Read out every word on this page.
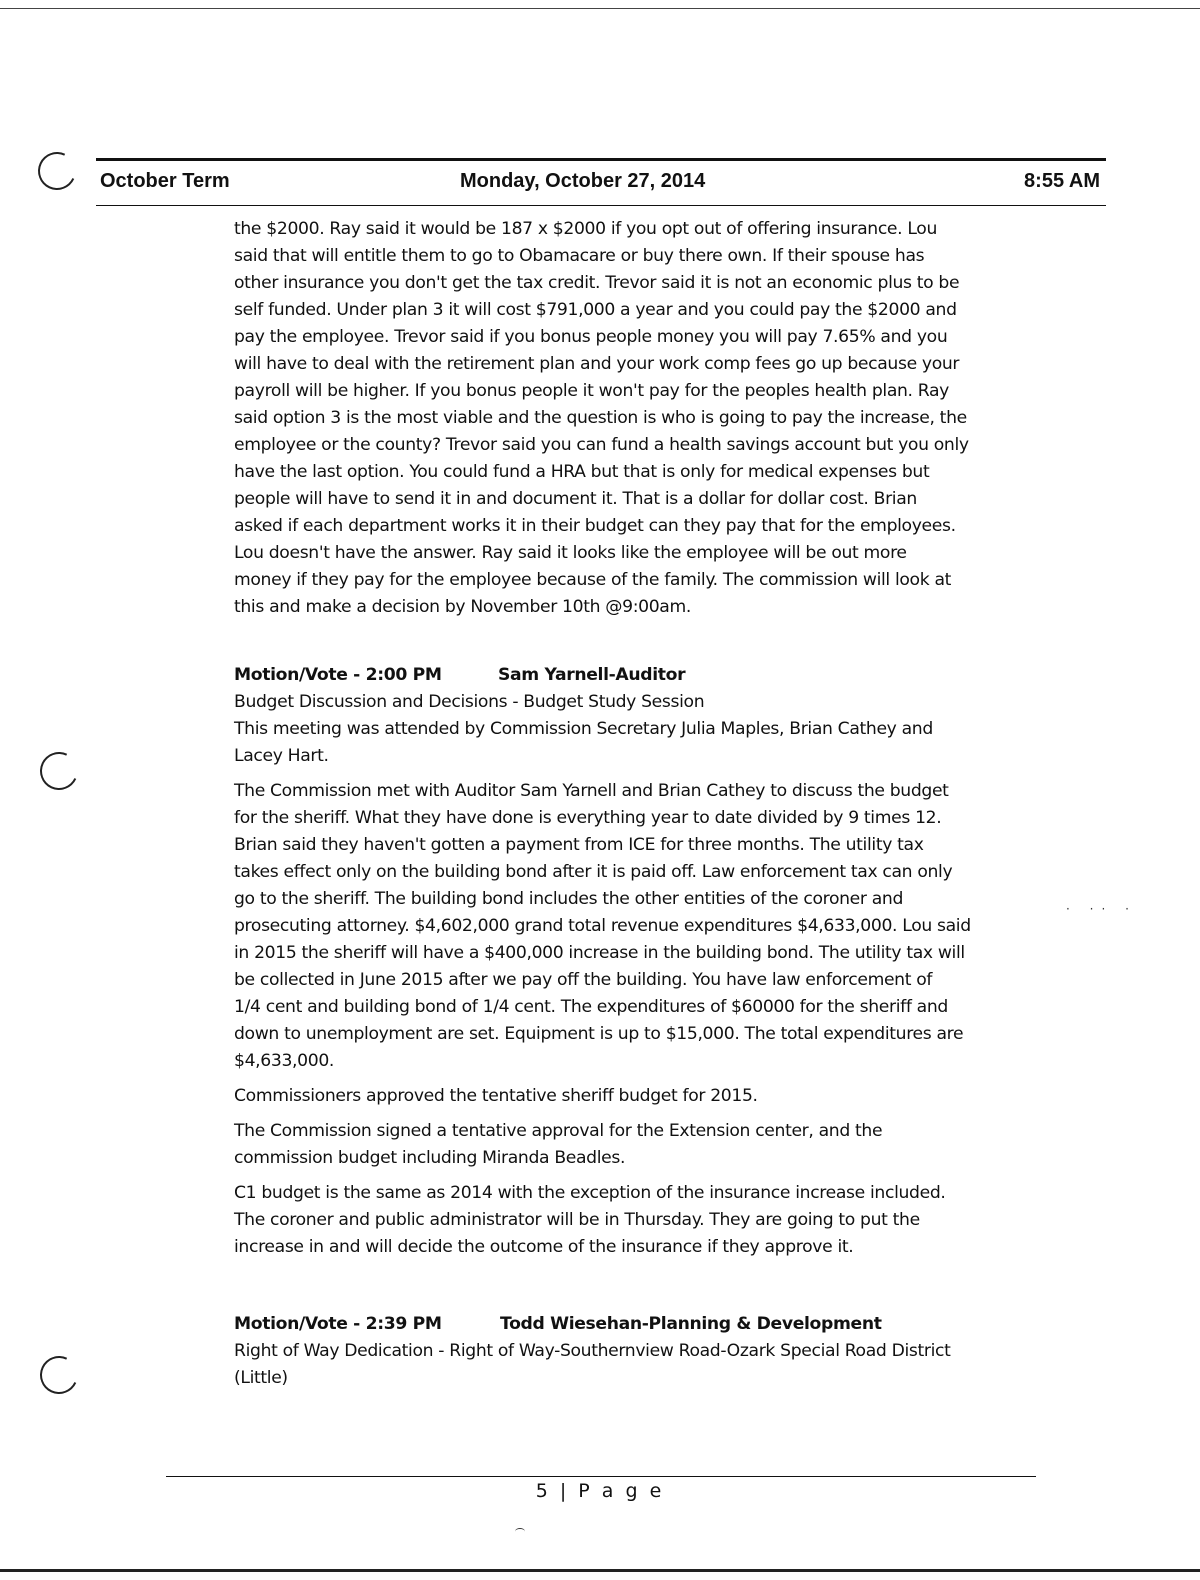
October Term	Monday, October 27, 2014	8:55 AM

the $2000. Ray said it would be 187 x $2000 if you opt out of offering insurance. Lou

said that will entitle them to go to Obamacare or buy there own. If their spouse has

other insurance you don't get the tax credit. Trevor said it is not an economic plus to be

self funded. Under plan 3 it will cost $791,000 a year and you could pay the $2000 and

pay the employee. Trevor said if you bonus people money you will pay 7.65% and you

will have to deal with the retirement plan and your work comp fees go up because your

payroll will be higher. If you bonus people it won't pay for the peoples health plan. Ray

said option 3 is the most viable and the question is who is going to pay the increase, the

employee or the county? Trevor said you can fund a health savings account but you only

have the last option. You could fund a HRA but that is only for medical expenses but

people will have to send it in and document it. That is a dollar for dollar cost. Brian

asked if each department works it in their budget can they pay that for the employees.

Lou doesn't have the answer. Ray said it looks like the employee will be out more

money if they pay for the employee because of the family. The commission will look at

this and make a decision by November 10th @9:00am.

Motion/Vote - 2:00 PM	Sam Yarnell-Auditor

Budget Discussion and Decisions - Budget Study Session

This meeting was attended by Commission Secretary Julia Maples, Brian Cathey and

Lacey Hart.

The Commission met with Auditor Sam Yarnell and Brian Cathey to discuss the budget

for the sheriff. What they have done is everything year to date divided by 9 times 12.

Brian said they haven't gotten a payment from ICE for three months. The utility tax

takes effect only on the building bond after it is paid off. Law enforcement tax can only

go to the sheriff. The building bond includes the other entities of the coroner and

prosecuting attorney. $4,602,000 grand total revenue expenditures $4,633,000. Lou said

in 2015 the sheriff will have a $400,000 increase in the building bond. The utility tax will

be collected in June 2015 after we pay off the building. You have law enforcement of

1/4 cent and building bond of 1/4 cent. The expenditures of $60000 for the sheriff and

down to unemployment are set. Equipment is up to $15,000. The total expenditures are

$4,633,000.

Commissioners approved the tentative sheriff budget for 2015.

The Commission signed a tentative approval for the Extension center, and the

commission budget including Miranda Beadles.

C1 budget is the same as 2014 with the exception of the insurance increase included.

The coroner and public administrator will be in Thursday. They are going to put the

increase in and will decide the outcome of the insurance if they approve it.

Motion/Vote - 2:39 PM	Todd Wiesehan-Planning & Development

Right of Way Dedication - Right of Way-Southernview Road-Ozark Special Road District

(Little)

· ·· ·
5 | P a g e
